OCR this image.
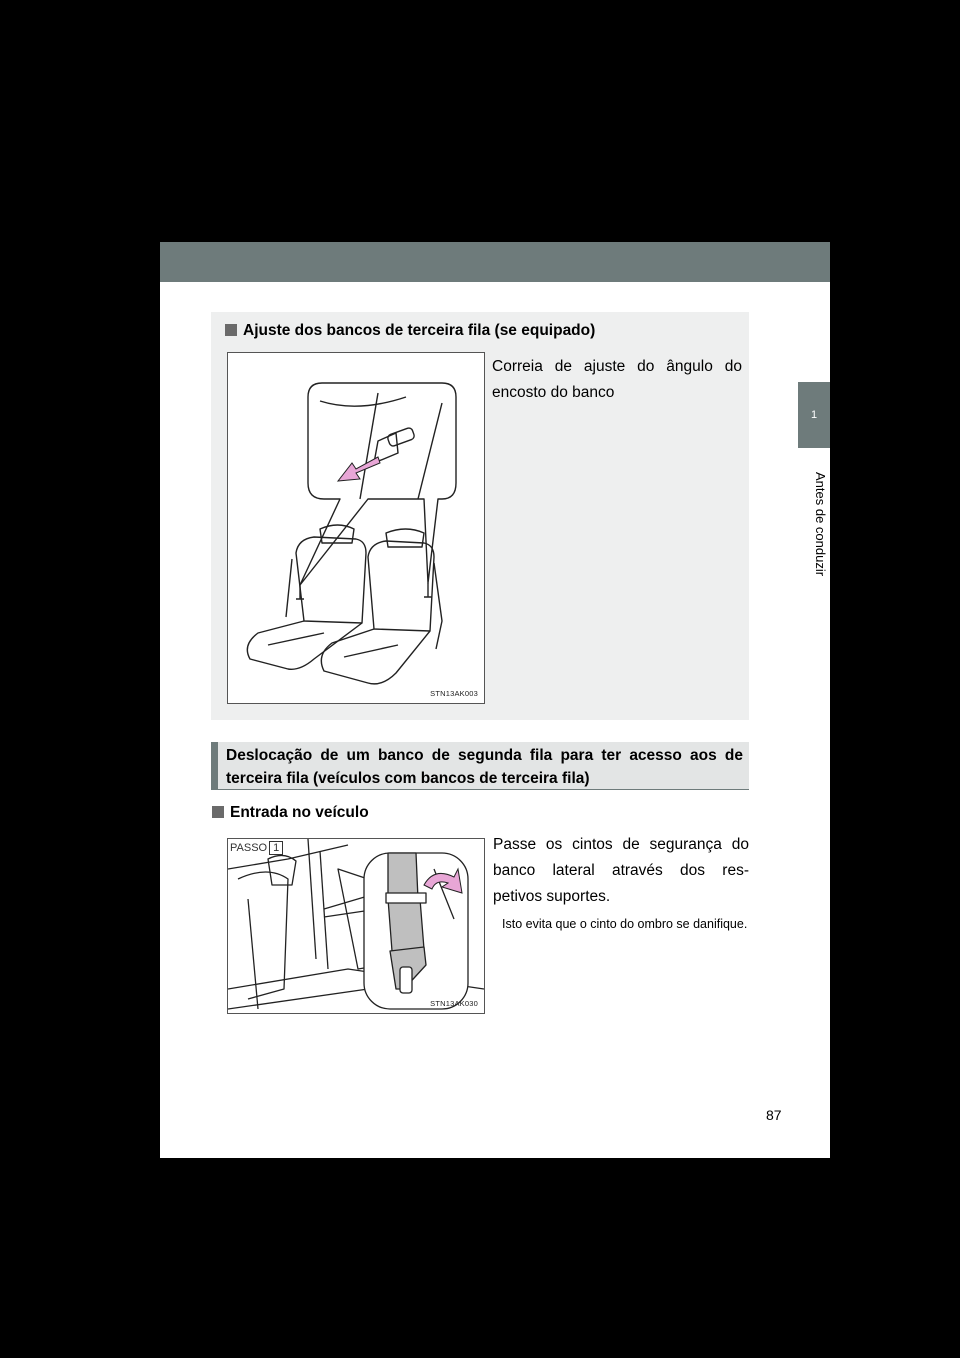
1
Antes de conduzir
Ajuste dos bancos de terceira fila (se equipado)
STN13AK003
Correia de ajuste do ângulo do encosto do banco
Deslocação de um banco de segunda fila para ter acesso aos de terceira fila (veículos com bancos de terceira fila)
Entrada no veículo
PASSO 1
STN13AK030
Passe os cintos de segurança do banco lateral através dos res- petivos suportes.
Isto evita que o cinto do ombro se danifique.
87
